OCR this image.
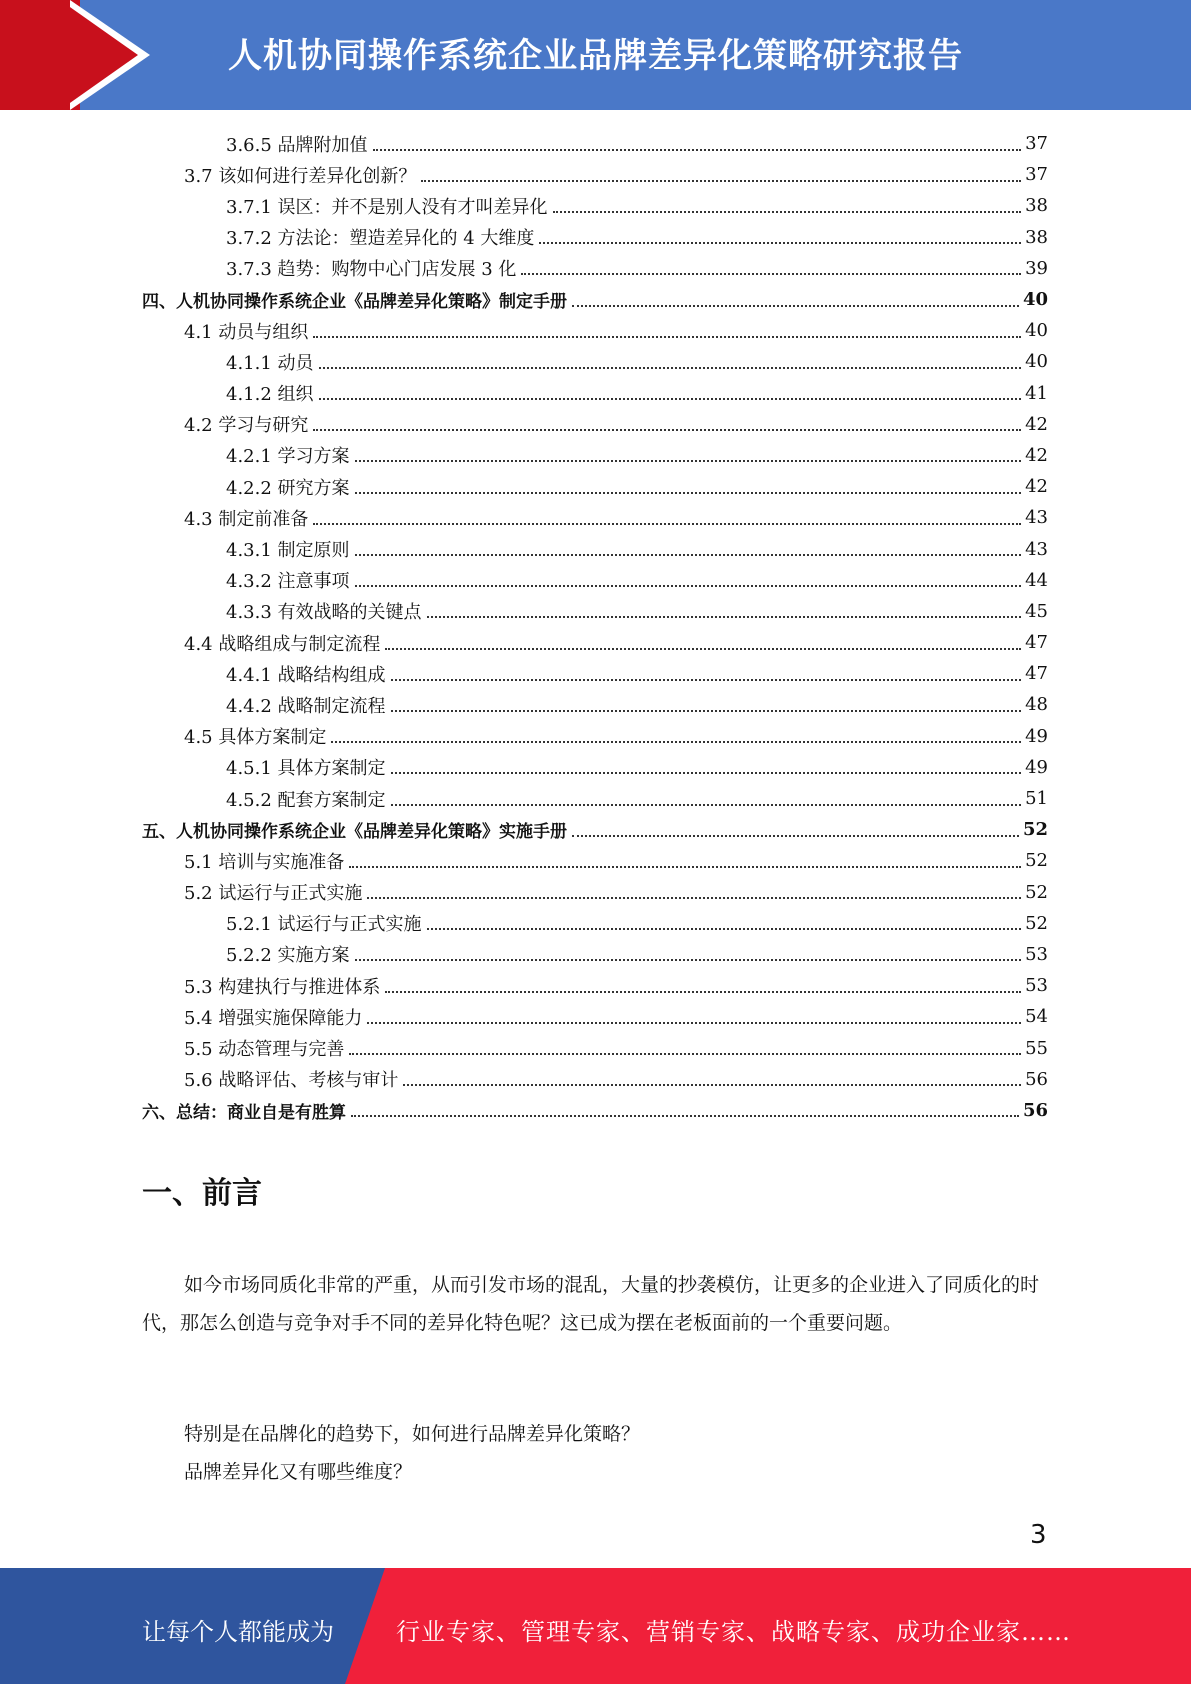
人机协同操作系统企业品牌差异化策略研究报告
3.6.5 品牌附加值	37
3.7 该如何进行差异化创新？	37
3.7.1 误区：并不是别人没有才叫差异化	38
3.7.2 方法论：塑造差异化的 4 大维度	38
3.7.3 趋势：购物中心门店发展 3 化	39
四、人机协同操作系统企业《品牌差异化策略》制定手册	40
4.1 动员与组织	40
4.1.1 动员	40
4.1.2 组织	41
4.2 学习与研究	42
4.2.1 学习方案	42
4.2.2 研究方案	42
4.3 制定前准备	43
4.3.1 制定原则	43
4.3.2 注意事项	44
4.3.3 有效战略的关键点	45
4.4 战略组成与制定流程	47
4.4.1 战略结构组成	47
4.4.2 战略制定流程	48
4.5 具体方案制定	49
4.5.1 具体方案制定	49
4.5.2 配套方案制定	51
五、人机协同操作系统企业《品牌差异化策略》实施手册	52
5.1 培训与实施准备	52
5.2 试运行与正式实施	52
5.2.1 试运行与正式实施	52
5.2.2 实施方案	53
5.3 构建执行与推进体系	53
5.4 增强实施保障能力	54
5.5 动态管理与完善	55
5.6 战略评估、考核与审计	56
六、总结：商业自是有胜算	56
一、前言
如今市场同质化非常的严重，从而引发市场的混乱，大量的抄袭模仿，让更多的企业进入了同质化的时代，那怎么创造与竞争对手不同的差异化特色呢？这已成为摆在老板面前的一个重要问题。
特别是在品牌化的趋势下，如何进行品牌差异化策略？
品牌差异化又有哪些维度？
3
让每个人都能成为	行业专家、管理专家、营销专家、战略专家、成功企业家……
